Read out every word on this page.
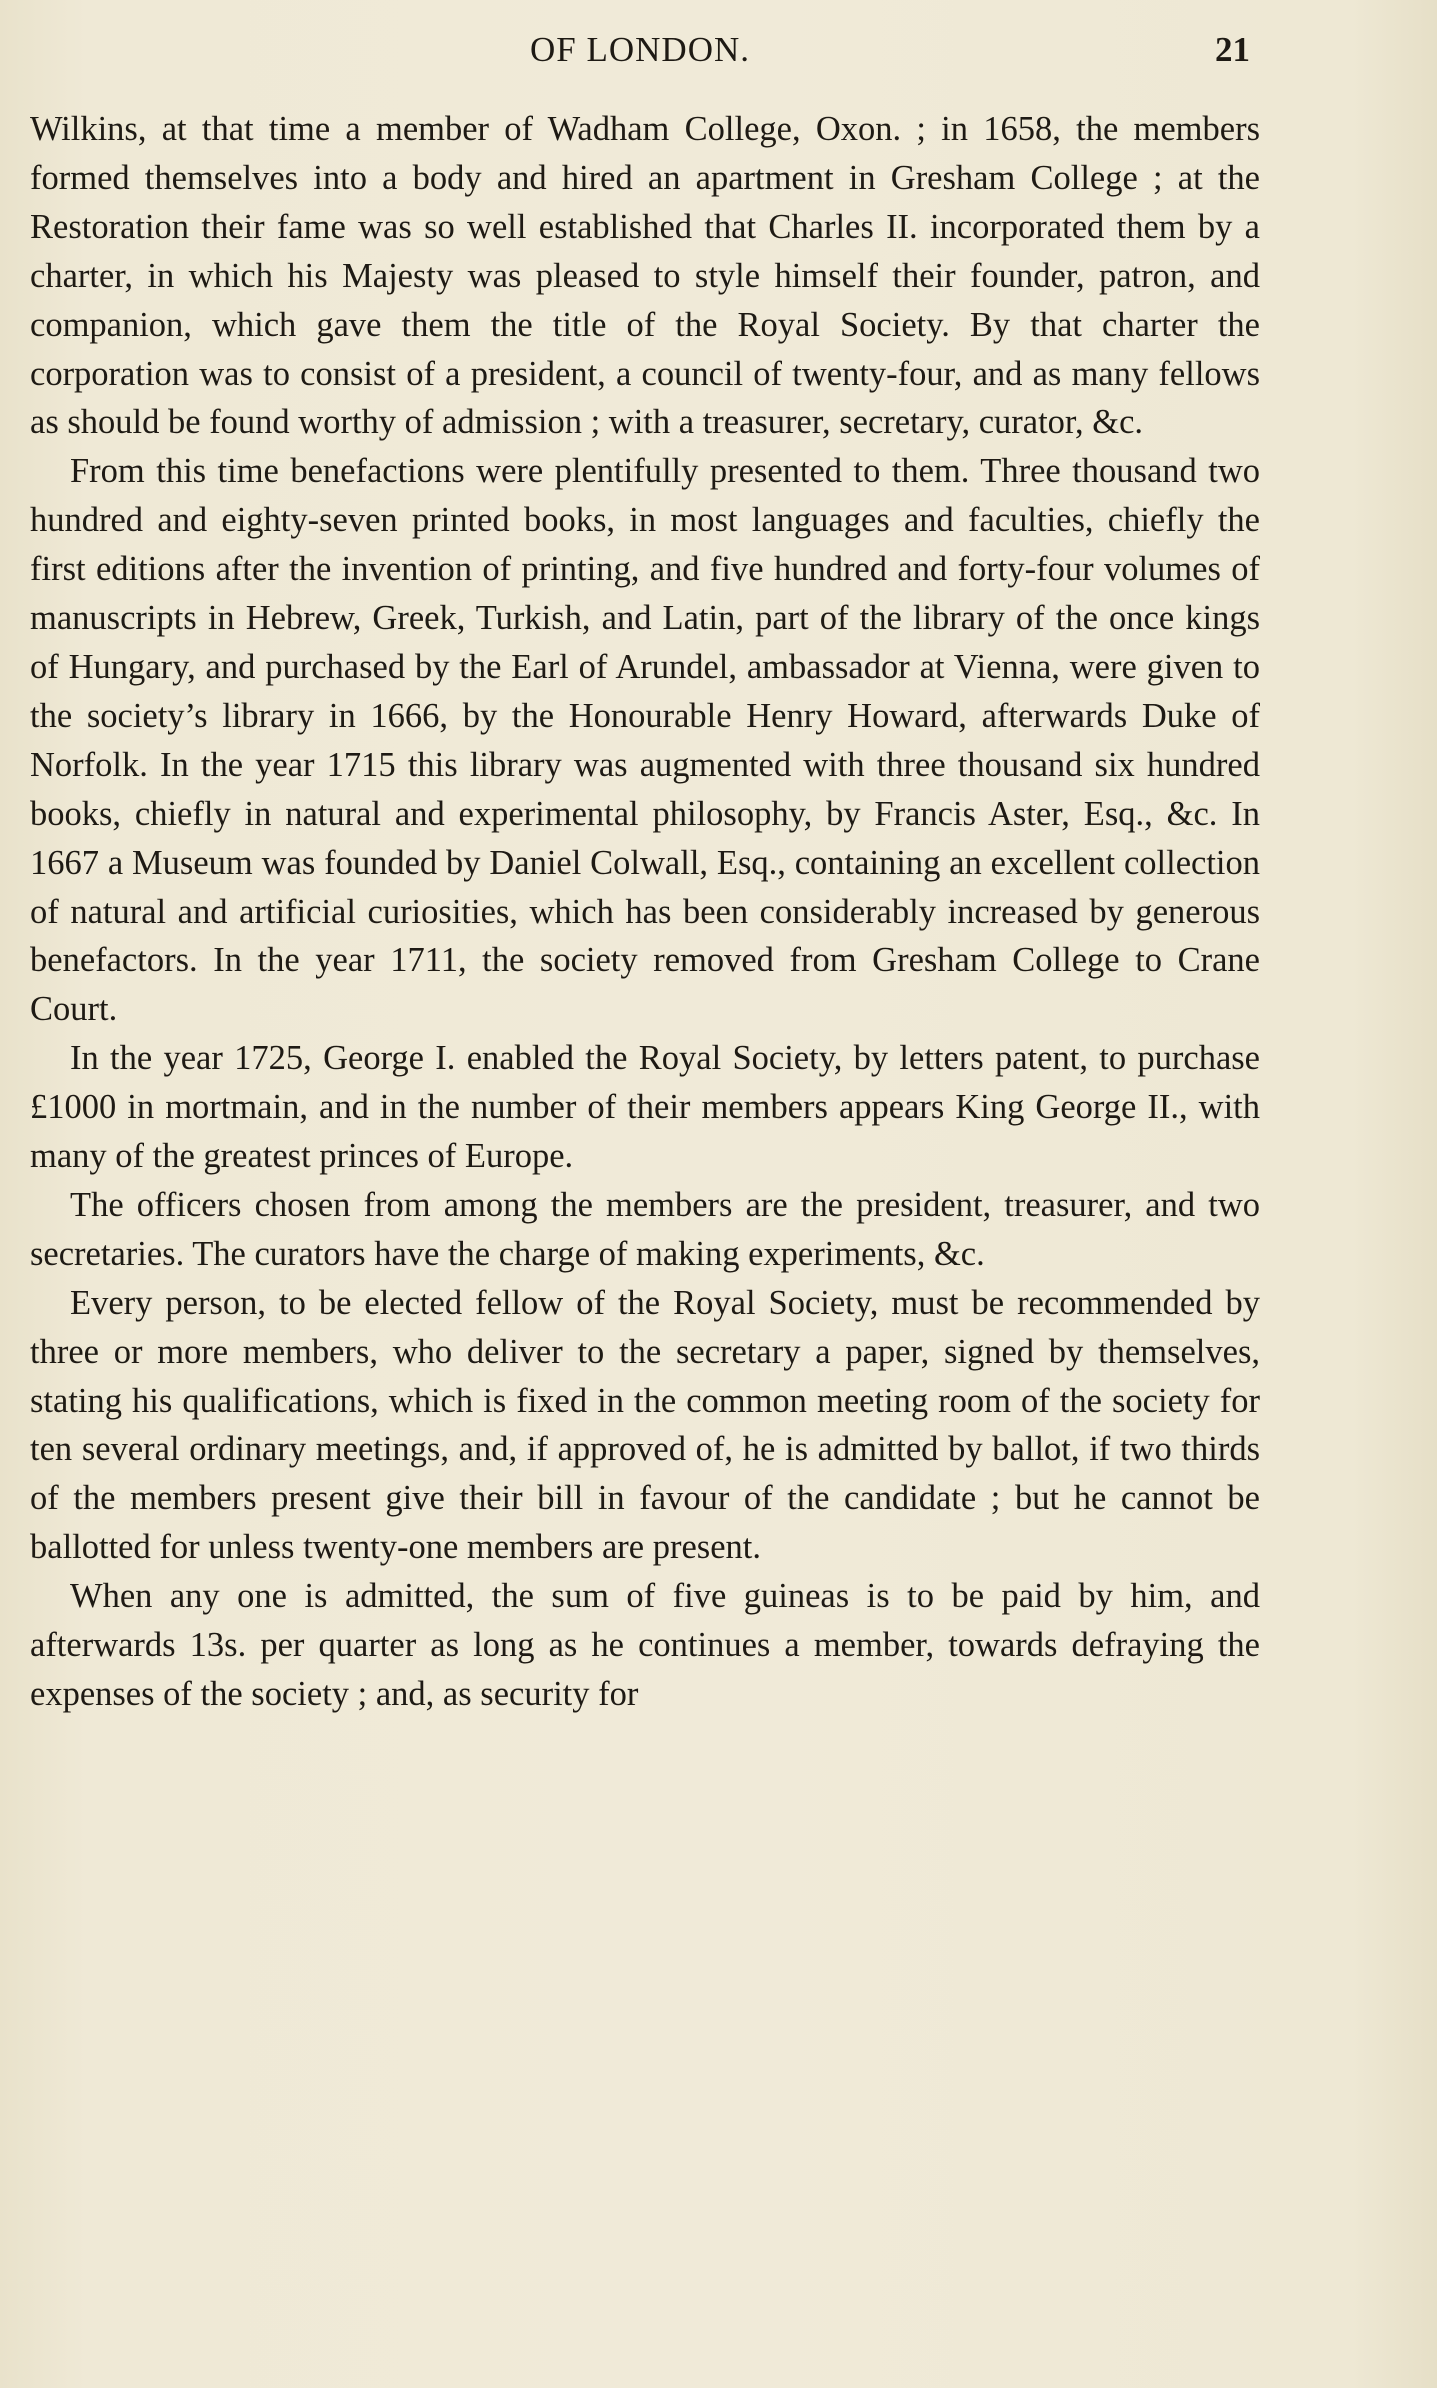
OF LONDON.	21

Wilkins, at that time a member of Wadham College, Oxon. ; in 1658, the members formed themselves into a body and hired an apartment in Gresham College ; at the Restoration their fame was so well established that Charles II. incorporated them by a charter, in which his Majesty was pleased to style himself their founder, patron, and companion, which gave them the title of the Royal Society. By that charter the corporation was to consist of a president, a council of twenty-four, and as many fellows as should be found worthy of admission ; with a treasurer, secretary, curator, &c.

From this time benefactions were plentifully presented to them. Three thousand two hundred and eighty-seven printed books, in most languages and faculties, chiefly the first editions after the invention of printing, and five hundred and forty-four volumes of manuscripts in Hebrew, Greek, Turkish, and Latin, part of the library of the once kings of Hungary, and purchased by the Earl of Arundel, ambassador at Vienna, were given to the society’s library in 1666, by the Honourable Henry Howard, afterwards Duke of Norfolk. In the year 1715 this library was augmented with three thousand six hundred books, chiefly in natural and experimental philosophy, by Francis Aster, Esq., &c. In 1667 a Museum was founded by Daniel Colwall, Esq., containing an excellent collection of natural and artificial curiosities, which has been considerably increased by generous benefactors. In the year 1711, the society removed from Gresham College to Crane Court.

In the year 1725, George I. enabled the Royal Society, by letters patent, to purchase £1000 in mortmain, and in the number of their members appears King George II., with many of the greatest princes of Europe.

The officers chosen from among the members are the president, treasurer, and two secretaries. The curators have the charge of making experiments, &c.

Every person, to be elected fellow of the Royal Society, must be recommended by three or more members, who deliver to the secretary a paper, signed by themselves, stating his qualifications, which is fixed in the common meeting room of the society for ten several ordinary meetings, and, if approved of, he is admitted by ballot, if two thirds of the members present give their bill in favour of the candidate ; but he cannot be ballotted for unless twenty-one members are present.

When any one is admitted, the sum of five guineas is to be paid by him, and afterwards 13s. per quarter as long as he continues a member, towards defraying the expenses of the society ; and, as security for
